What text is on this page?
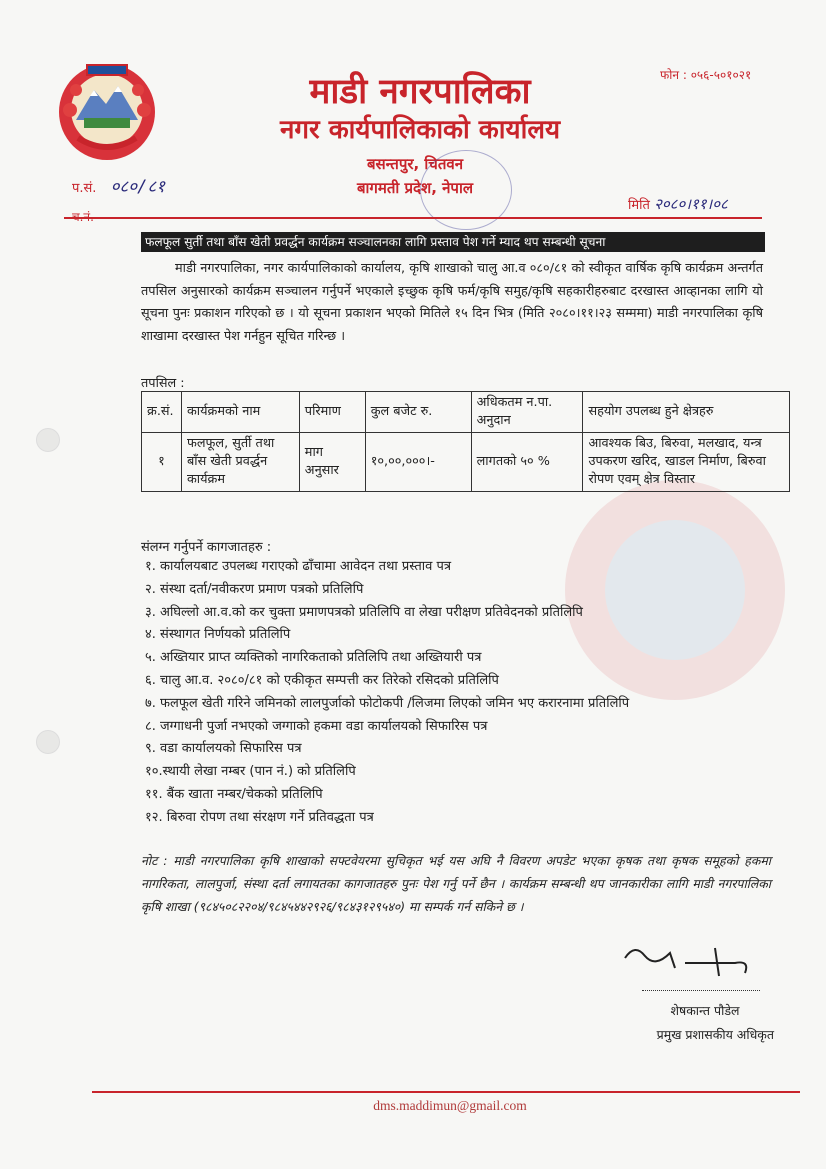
माडी नगरपालिका
नगर कार्यपालिकाको कार्यालय
बसन्तपुर, चितवन
बागमती प्रदेश, नेपाल
फोन : ०५६-५०१०२१
प.सं. ०८०/८१
मिति २०८०।११।०८
फलफूल सुर्ती तथा बाँस खेती प्रवर्द्धन कार्यक्रम सञ्चालनका लागि प्रस्ताव पेश गर्ने म्याद थप सम्बन्धी सूचना
माडी नगरपालिका, नगर कार्यपालिकाको कार्यालय, कृषि शाखाको चालु आ.व ०८०/८१ को स्वीकृत वार्षिक कृषि कार्यक्रम अन्तर्गत तपसिल अनुसारको कार्यक्रम सञ्चालन गर्नुपर्ने भएकाले इच्छुक कृषि फर्म/कृषि समुह/कृषि सहकारीहरुबाट दरखास्त आव्हानका लागि यो सूचना पुनः प्रकाशन गरिएको छ । यो सूचना प्रकाशन भएको मितिले १५ दिन भित्र (मिति २०८०।११।२३ सम्ममा) माडी नगरपालिका कृषि शाखामा दरखास्त पेश गर्नहुन सूचित गरिन्छ ।
तपसिल :
क्र.सं.	कार्यक्रमको नाम	परिमाण	कुल बजेट रु.	अधिकतम न.पा. अनुदान	सहयोग उपलब्ध हुने क्षेत्रहरु
१	फलफूल, सुर्ती तथा बाँस खेती प्रवर्द्धन कार्यक्रम	माग अनुसार	१०,००,०००।-	लागतको ५० %	आवश्यक बिउ, बिरुवा, मलखाद, यन्त्र उपकरण खरिद, खाडल निर्माण, बिरुवा रोपण एवम् क्षेत्र विस्तार
संलग्न गर्नुपर्ने कागजातहरु :
१. कार्यालयबाट उपलब्ध गराएको ढाँचामा आवेदन तथा प्रस्ताव पत्र
२. संस्था दर्ता/नवीकरण प्रमाण पत्रको प्रतिलिपि
३. अघिल्लो आ.व.को कर चुक्ता प्रमाणपत्रको प्रतिलिपि वा लेखा परीक्षण प्रतिवेदनको प्रतिलिपि
४. संस्थागत निर्णयको प्रतिलिपि
५. अख्तियार प्राप्त व्यक्तिको नागरिकताको प्रतिलिपि तथा अख्तियारी पत्र
६. चालु आ.व. २०८०/८१ को एकीकृत सम्पत्ती कर तिरेको रसिदको प्रतिलिपि
७. फलफूल खेती गरिने जमिनको लालपुर्जाको फोटोकपी /लिजमा लिएको जमिन भए करारनामा प्रतिलिपि
८. जग्गाधनी पुर्जा नभएको जग्गाको हकमा वडा कार्यालयको सिफारिस पत्र
९. वडा कार्यालयको सिफारिस पत्र
१०.स्थायी लेखा नम्बर (पान नं.) को प्रतिलिपि
११. बैंक खाता नम्बर/चेकको प्रतिलिपि
१२. बिरुवा रोपण तथा संरक्षण गर्ने प्रतिवद्धता पत्र
नोट : माडी नगरपालिका कृषि शाखाको सफ्टवेयरमा सुचिकृत भई यस अघि नै विवरण अपडेट भएका कृषक तथा कृषक समूहको हकमा नागरिकता, लालपुर्जा, संस्था दर्ता लगायतका कागजातहरु पुनः पेश गर्नु पर्ने छैन । कार्यक्रम सम्बन्धी थप जानकारीका लागि माडी नगरपालिका कृषि शाखा (९८४५०८२२०४/९८४५४४२९२६/९८४३१२९५४०) मा सम्पर्क गर्न सकिने छ ।
शेषकान्त पौडेल
प्रमुख प्रशासकीय अधिकृत
dms.maddimun@gmail.com
